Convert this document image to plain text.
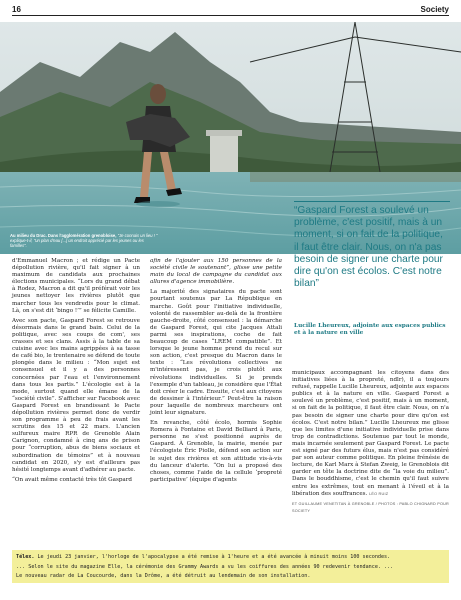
16	Society
Au milieu du Drac. Dans l'agglomération grenobloise, "Je connais un lieu ! " explique-t-il, "un plan d'eau [...] un endroit apprécié par les jeunes ou les familles".
“Gaspard Forest a soulevé un problème, c'est positif, mais à un moment, si on fait de la politique, il faut être clair. Nous, on n'a pas besoin de signer une charte pour dire qu'on est écolos. C'est notre bilan”
Lucille Lheureux, adjointe aux espaces publics et à la nature en ville

d'Emmanuel Macron ; et rédige un Pacte dépollution rivière, qu'il fait signer à un maximum de candidats aux prochaines élections municipales. “Lors du grand débat à Rodez, Macron a dit qu'il préférait voir les jeunes nettoyer les rivières plutôt que marcher tous les vendredis pour le climat. Là, on s'est dit ‘bingo !’” se félicite Camille.

Avec son pacte, Gaspard Forest se retrouve désormais dans le grand bain. Celui de la politique, avec ses coups de com', ses crasses et ses clans. Assis à la table de sa cuisine avec les mains agrippées à sa tasse de café bio, le trentenaire se défend de toute plongée dans le milieu : “Mon sujet est consensuel et il y a des personnes concernées par l'eau et l'environnement dans tous les partis.” L'écologie est à la mode, surtout quand elle émane de la “société civile”. S'afficher sur Facebook avec Gaspard Forest en brandissant le Pacte dépollution rivières permet donc de verdir son programme à peu de frais avant les scrutins des 15 et 22 mars. L'ancien sulfureux maire RPR de Grenoble Alain Carignon, condamné à cinq ans de prison pour “corruption, abus de biens sociaux et subordination de témoins” et à nouveau candidat en 2020, s'y est d'ailleurs pas hésité longtemps avant d'adhérer au pacte.

“On avait même contacté très tôt Gaspard

afin de l'ajouter aux 150 personnes de la société civile le soutenant”, glisse une petite main du local de campagne du candidat aux allures d'agence immobilière.

La majorité des signataires du pacte sont pourtant soutenus par La République en marche. Goût pour l'initiative individuelle, volonté de rassembler au-delà de la frontière gauche-droite, côté consensuel : la démarche de Gaspard Forest, qui cite Jacques Attali parmi ses inspirations, coche de fait beaucoup de cases “LREM compatible”. Et lorsque le jeune homme prend du recul sur son action, c'est presque du Macron dans le texte : “Les révolutions collectives ne m'intéressent pas, je crois plutôt aux révolutions individuelles. Si je prends l'exemple d'un tableau, je considère que l'État doit créer le cadre. Ensuite, c'est aux citoyens de dessiner à l'intérieur.” Peut-être la raison pour laquelle de nombreux marcheurs ont joint leur signature.

En revanche, côté écolo, hormis Sophie Romera à Fontaine et David Belliard à Paris, personne ne s'est positionné auprès de Gaspard. À Grenoble, la mairie, menée par l'écologiste Éric Piolle, défend son action sur le sujet des rivières et son attitude vis-à-vis du lanceur d'alerte. “On lui a proposé des choses, comme l'aide de la cellule ‘propreté participative’ (équipe d'agents

municipaux accompagnant les citoyens dans des initiatives liées à la propreté, ndlr), il a toujours refusé, rappelle Lucille Lheureux, adjointe aux espaces publics et à la nature en ville. Gaspard Forest a soulevé un problème, c'est positif, mais à un moment, si on fait de la politique, il faut être clair. Nous, on n'a pas besoin de signer une charte pour dire qu'on est écolos. C'est notre bilan.” Lucille Lheureux me glisse que les limites d'une initiative individuelle prise dans trop de contradictions. Soutenue par tout le monde, mais incarnée seulement par Gaspard Forest. Le pacte est signé par des futurs élus, mais n'est pas considéré par son auteur comme politique. En pleine frénésie de lecture, de Karl Marx à Stefan Zweig, le Grenoblois dit garder en tête la doctrine dite de “la voie du milieu”. Dans le bouddhisme, c'est le chemin qu'il faut suivre entre les extrêmes, tout en menant à l'éveil et à la libération des souffrances. LÉO RUIZ

ET GUILLAUME VENETITAN À GRENOBLE / PHOTOS : PABLO CHIGNARD POUR SOCIETY
Télex. Le jeudi 23 janvier, l'horloge de l'apocalypse a été remise à 1'heure et a été avancée à minuit moins 100 secondes.
... Selon le site du magazine Elle, la cérémonie des Grammy Awards a vu les coiffures des années 90 redevenir tendance. ...
Le nouveau radar de La Coucourde, dans la Drôme, a été détruit au lendemain de son installation.
